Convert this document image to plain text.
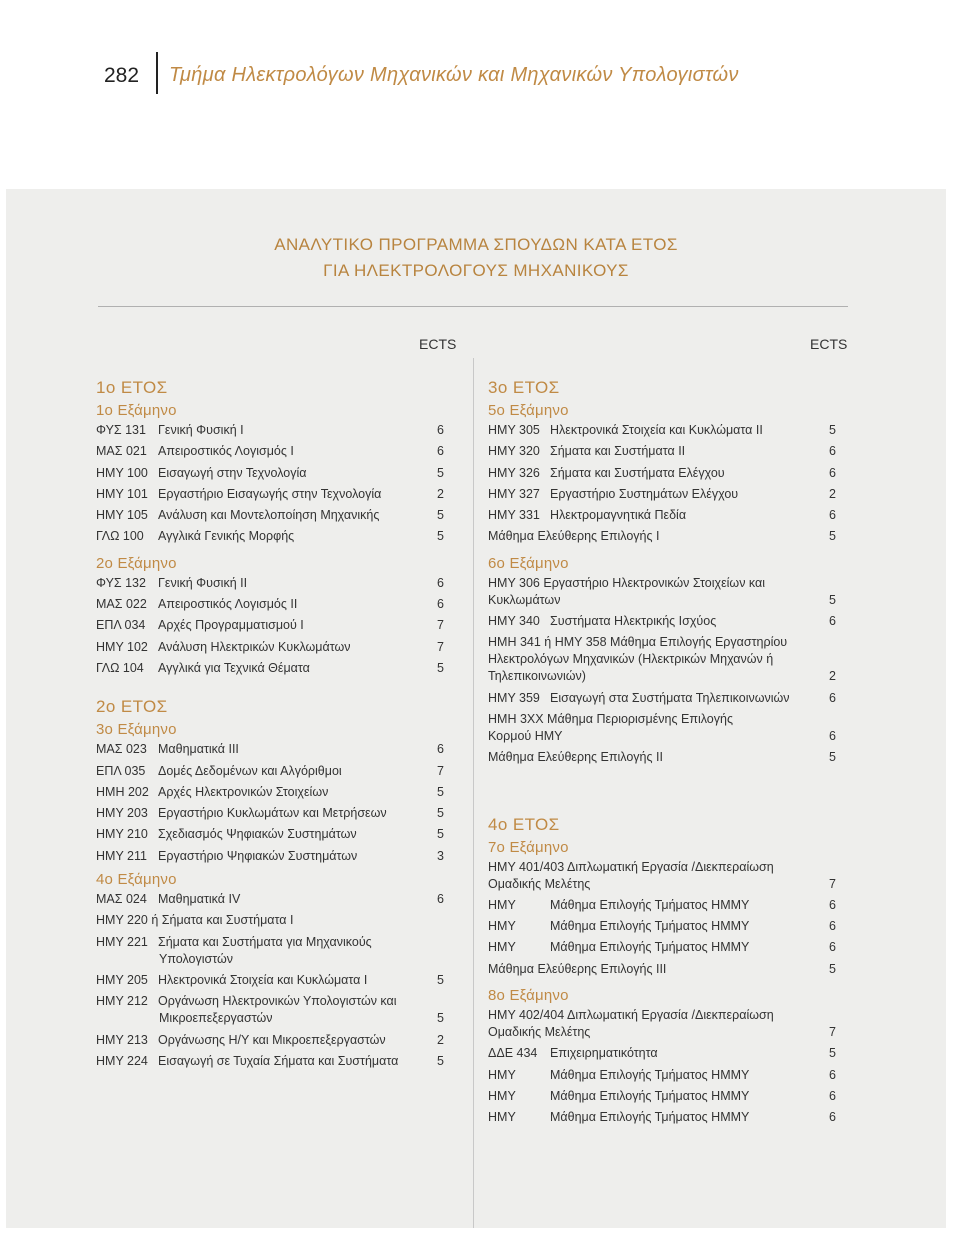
282 Τμήμα Ηλεκτρολόγων Μηχανικών και Μηχανικών Υπολογιστών
ΑΝΑΛΥΤΙΚΟ ΠΡΟΓΡΑΜΜΑ ΣΠΟΥΔΩΝ ΚΑΤΑ ΕΤΟΣ
ΓΙΑ ΗΛΕΚΤΡΟΛΟΓΟΥΣ ΜΗΧΑΝΙΚΟΥΣ
ECTS	ECTS
1ο ΕΤΟΣ
1ο Εξάμηνο
ΦΥΣ 131 Γενική Φυσική Ι	6
ΜΑΣ 021 Απειροστικός Λογισμός Ι	6
ΗΜΥ 100 Εισαγωγή στην Τεχνολογία	5
ΗΜΥ 101 Εργαστήριο Εισαγωγής στην Τεχνολογία	2
ΗΜΥ 105 Ανάλυση και Μοντελοποίηση Μηχανικής	5
ΓΛΩ 100 Αγγλικά Γενικής Μορφής	5
2ο Εξάμηνο
ΦΥΣ 132 Γενική Φυσική ΙΙ	6
ΜΑΣ 022 Απειροστικός Λογισμός ΙΙ	6
ΕΠΛ 034 Αρχές Προγραμματισμού Ι	7
ΗΜΥ 102 Ανάλυση Ηλεκτρικών Κυκλωμάτων	7
ΓΛΩ 104 Αγγλικά για Τεχνικά Θέματα	5
2ο ΕΤΟΣ
3ο Εξάμηνο
ΜΑΣ 023 Μαθηματικά ΙΙΙ	6
ΕΠΛ 035 Δομές Δεδομένων και Αλγόριθμοι	7
ΗΜΗ 202 Αρχές Ηλεκτρονικών Στοιχείων	5
ΗΜΥ 203 Εργαστήριο Κυκλωμάτων και Μετρήσεων	5
ΗΜΥ 210 Σχεδιασμός Ψηφιακών Συστημάτων	5
ΗΜΥ 211 Εργαστήριο Ψηφιακών Συστημάτων	3
4ο Εξάμηνο
ΜΑΣ 024 Μαθηματικά ΙV	6
ΗΜΥ 220 ή Σήματα και Συστήματα Ι
ΗΜΥ 221 Σήματα και Συστήματα για Μηχανικούς
Υπολογιστών
ΗΜΥ 205 Ηλεκτρονικά Στοιχεία και Κυκλώματα Ι	5
ΗΜΥ 212 Οργάνωση Ηλεκτρονικών Υπολογιστών και
Μικροεπεξεργαστών	5
ΗΜΥ 213 Οργάνωσης Η/Υ και Μικροεπεξεργαστών	2
ΗΜΥ 224 Εισαγωγή σε Τυχαία Σήματα και Συστήματα	5
3ο ΕΤΟΣ
5ο Εξάμηνο
ΗΜΥ 305 Ηλεκτρονικά Στοιχεία και Κυκλώματα ΙΙ	5
ΗΜΥ 320 Σήματα και Συστήματα ΙΙ	6
ΗΜΥ 326 Σήματα και Συστήματα Ελέγχου	6
ΗΜΥ 327 Εργαστήριο Συστημάτων Ελέγχου	2
ΗΜΥ 331 Ηλεκτρομαγνητικά Πεδία	6
Μάθημα Ελεύθερης Επιλογής Ι	5
6ο Εξάμηνο
ΗΜΥ 306 Εργαστήριο Ηλεκτρονικών Στοιχείων και
Κυκλωμάτων	5
ΗΜΥ 340 Συστήματα Ηλεκτρικής Ισχύος	6
ΗΜΗ 341 ή ΗΜΥ 358 Μάθημα Επιλογής Εργαστηρίου
Ηλεκτρολόγων Μηχανικών (Ηλεκτρικών Μηχανών ή
Τηλεπικοινωνιών)	2
ΗΜΥ 359 Εισαγωγή στα Συστήματα Τηλεπικοινωνιών	6
ΗΜΗ 3ΧΧ Μάθημα Περιορισμένης Επιλογής
Κορμού ΗΜΥ	6
Μάθημα Ελεύθερης Επιλογής ΙΙ	5
4ο ΕΤΟΣ
7ο Εξάμηνο
ΗΜΥ 401/403 Διπλωματική Εργασία /Διεκπεραίωση
Ομαδικής Μελέτης	7
ΗΜΥ	Μάθημα Επιλογής Τμήματος ΗΜΜΥ	6
ΗΜΥ	Μάθημα Επιλογής Τμήματος ΗΜΜΥ	6
ΗΜΥ	Μάθημα Επιλογής Τμήματος ΗΜΜΥ	6
Μάθημα Ελεύθερης Επιλογής ΙΙΙ	5
8ο Εξάμηνο
ΗΜΥ 402/404 Διπλωματική Εργασία /Διεκπεραίωση
Ομαδικής Μελέτης	7
ΔΔΕ 434 Επιχειρηματικότητα	5
ΗΜΥ	Μάθημα Επιλογής Τμήματος ΗΜΜΥ	6
ΗΜΥ	Μάθημα Επιλογής Τμήματος ΗΜΜΥ	6
ΗΜΥ	Μάθημα Επιλογής Τμήματος ΗΜΜΥ	6
